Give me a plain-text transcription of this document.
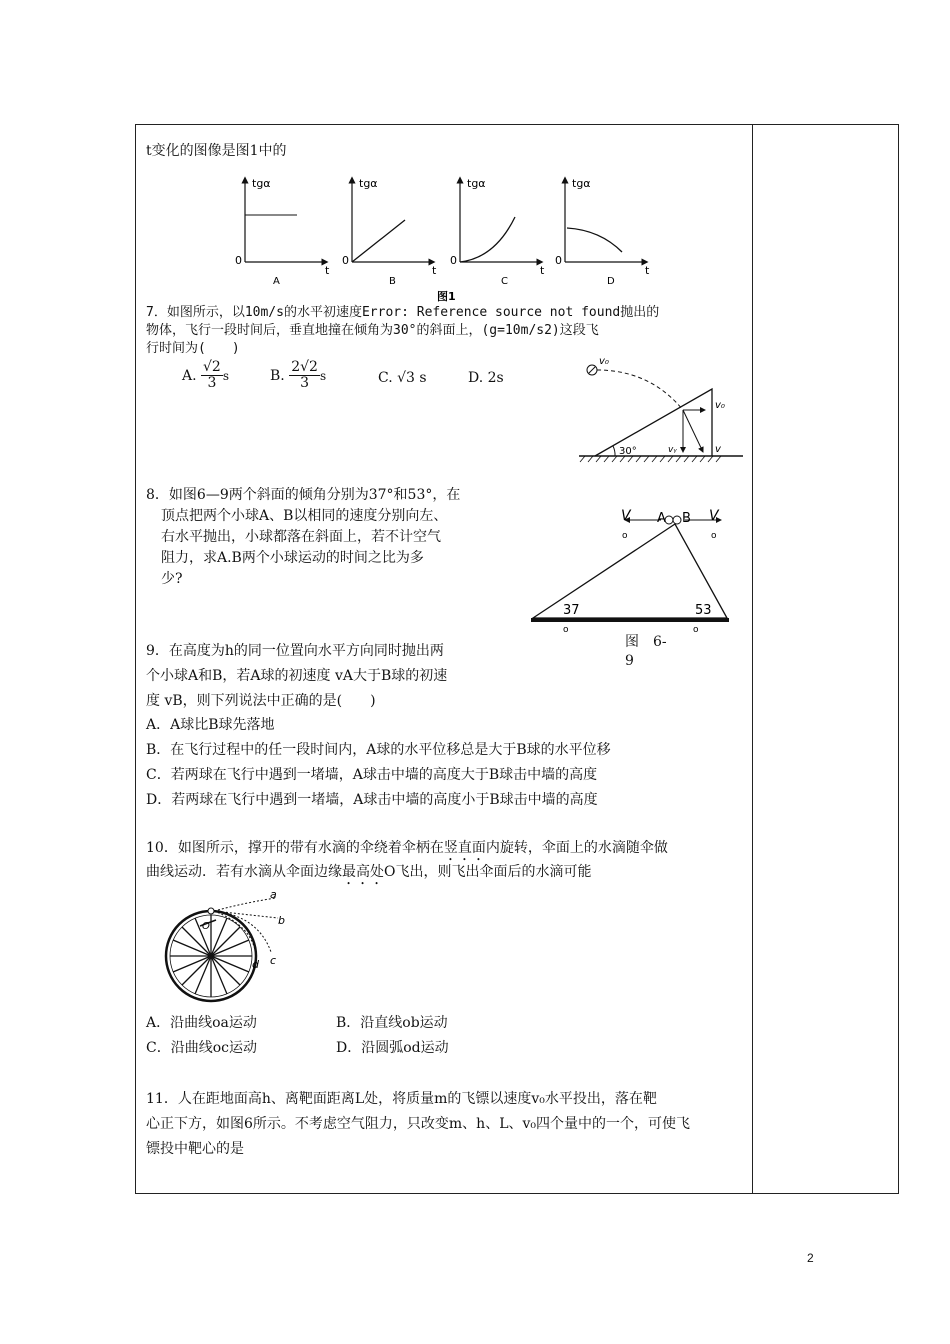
t变化的图像是图1中的
tgα
0
t
A
tgα
0
t
B
tgα
0
t
C
tgα
0
t
D
图1
7．如图所示，以10m/s的水平初速度Error: Reference source not found抛出的
物体，飞行一段时间后，垂直地撞在倾角为30°的斜面上，(g=10m/s2)这段飞
行时间为(　　)
A. $\frac{√2}{3}$ s	B. $\frac{2√2}{3}$ s	C. √3 s	D. 2s
v₀
v₀
vᵧ	v
30°
8．如图6—9两个斜面的倾角分别为37°和53°，在
顶点把两个小球A、B以相同的速度分别向左、
右水平抛出，小球都落在斜面上，若不计空气
阻力，求A.B两个小球运动的时间之比为多
少?
V	V
A B
o	o
37	53
o	o
图　6-
9
9．在高度为h的同一位置向水平方向同时抛出两
个小球A和B，若A球的初速度 vA大于B球的初速
度 vB，则下列说法中正确的是(　　)
A．A球比B球先落地
B．在飞行过程中的任一段时间内，A球的水平位移总是大于B球的水平位移
C．若两球在飞行中遇到一堵墙，A球击中墙的高度大于B球击中墙的高度
D．若两球在飞行中遇到一堵墙，A球击中墙的高度小于B球击中墙的高度
10．如图所示，撑开的带有水滴的伞绕着伞柄在竖直面内旋转，伞面上的水滴随伞做
曲线运动．若有水滴从伞面边缘最高处O飞出，则飞出伞面后的水滴可能
a
b
c
d
O
A．沿曲线oa运动	B．沿直线ob运动
C．沿曲线oc运动	D．沿圆弧od运动
11．人在距地面高h、离靶面距离L处，将质量m的飞镖以速度v₀水平投出，落在靶
心正下方，如图6所示。不考虑空气阻力，只改变m、h、L、v₀四个量中的一个，可使飞
镖投中靶心的是
2
